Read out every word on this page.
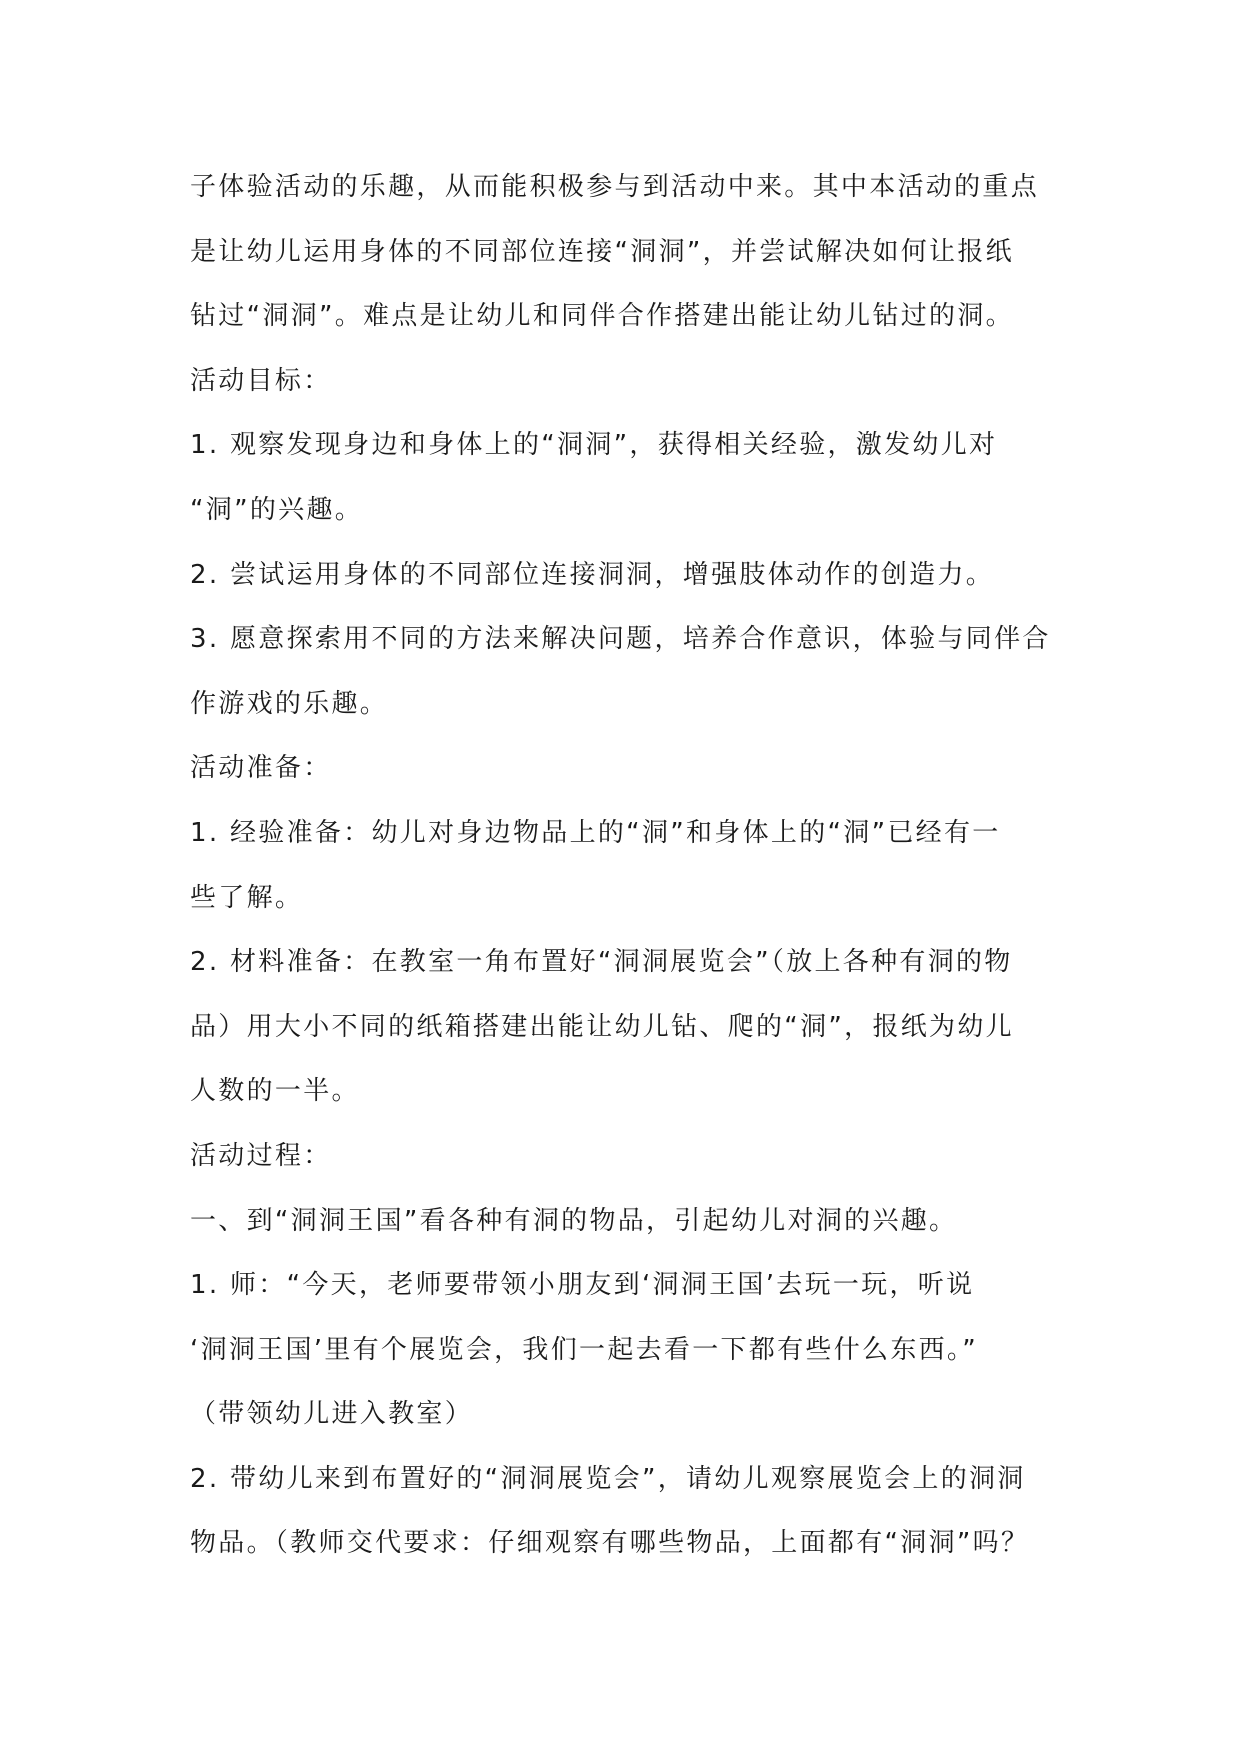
子体验活动的乐趣，从而能积极参与到活动中来。其中本活动的重点
是让幼儿运用身体的不同部位连接“洞洞”，并尝试解决如何让报纸
钻过“洞洞”。难点是让幼儿和同伴合作搭建出能让幼儿钻过的洞。
活动目标：
1. 观察发现身边和身体上的“洞洞”，获得相关经验，激发幼儿对
“洞”的兴趣。
2. 尝试运用身体的不同部位连接洞洞，增强肢体动作的创造力。
3. 愿意探索用不同的方法来解决问题，培养合作意识，体验与同伴合
作游戏的乐趣。
活动准备：
1. 经验准备：幼儿对身边物品上的“洞”和身体上的“洞”已经有一
些了解。
2. 材料准备：在教室一角布置好“洞洞展览会”（放上各种有洞的物
品）用大小不同的纸箱搭建出能让幼儿钻、爬的“洞”，报纸为幼儿
人数的一半。
活动过程：
一、到“洞洞王国”看各种有洞的物品，引起幼儿对洞的兴趣。
1. 师：“今天，老师要带领小朋友到‘洞洞王国’去玩一玩，听说
‘洞洞王国’里有个展览会，我们一起去看一下都有些什么东西。”
（带领幼儿进入教室）
2. 带幼儿来到布置好的“洞洞展览会”，请幼儿观察展览会上的洞洞
物品。（教师交代要求：仔细观察有哪些物品，上面都有“洞洞”吗？
